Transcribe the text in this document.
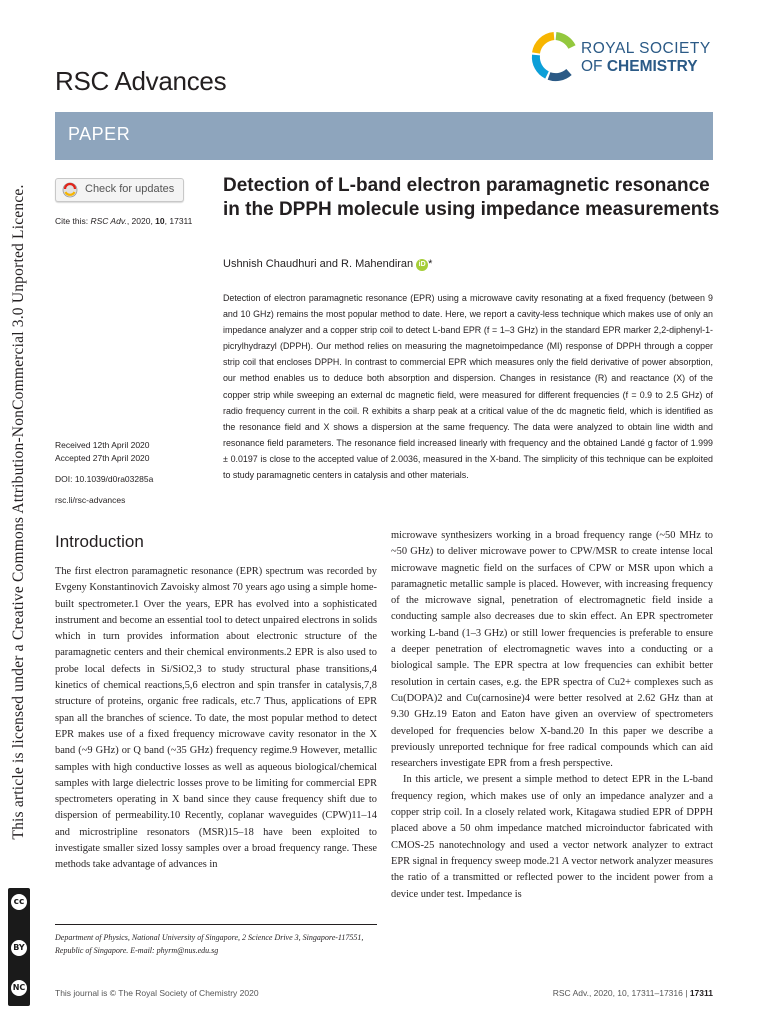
This article is licensed under a Creative Commons Attribution-NonCommercial 3.0 Unported Licence.
cc
BY
NC
RSC Advances
ROYAL SOCIETY
OF CHEMISTRY
PAPER
Check for updates
Cite this: RSC Adv., 2020, 10, 17311
Received 12th April 2020
Accepted 27th April 2020
DOI: 10.1039/d0ra03285a
rsc.li/rsc-advances
Detection of L-band electron paramagnetic resonance in the DPPH molecule using impedance measurements
Ushnish Chaudhuri and R. Mahendiran iD *
Detection of electron paramagnetic resonance (EPR) using a microwave cavity resonating at a fixed frequency (between 9 and 10 GHz) remains the most popular method to date. Here, we report a cavity-less technique which makes use of only an impedance analyzer and a copper strip coil to detect L-band EPR (f = 1–3 GHz) in the standard EPR marker 2,2-diphenyl-1-picrylhydrazyl (DPPH). Our method relies on measuring the magnetoimpedance (MI) response of DPPH through a copper strip coil that encloses DPPH. In contrast to commercial EPR which measures only the field derivative of power absorption, our method enables us to deduce both absorption and dispersion. Changes in resistance (R) and reactance (X) of the copper strip while sweeping an external dc magnetic field, were measured for different frequencies (f = 0.9 to 2.5 GHz) of radio frequency current in the coil. R exhibits a sharp peak at a critical value of the dc magnetic field, which is identified as the resonance field and X shows a dispersion at the same frequency. The data were analyzed to obtain line width and resonance field parameters. The resonance field increased linearly with frequency and the obtained Landé g factor of 1.999 ± 0.0197 is close to the accepted value of 2.0036, measured in the X-band. The simplicity of this technique can be exploited to study paramagnetic centers in catalysis and other materials.
Introduction
The first electron paramagnetic resonance (EPR) spectrum was recorded by Evgeny Konstantinovich Zavoisky almost 70 years ago using a simple home-built spectrometer.1 Over the years, EPR has evolved into a sophisticated instrument and become an essential tool to detect unpaired electrons in solids which in turn provides information about electronic structure of the paramagnetic centers and their chemical environments.2 EPR is also used to probe local defects in Si/SiO2,3 to study structural phase transitions,4 kinetics of chemical reactions,5,6 electron and spin transfer in catalysis,7,8 structure of proteins, organic free radicals, etc.7 Thus, applications of EPR span all the branches of science. To date, the most popular method to detect EPR makes use of a fixed frequency microwave cavity resonator in the X band (~9 GHz) or Q band (~35 GHz) frequency regime.9 However, metallic samples with high conductive losses as well as aqueous biological/chemical samples with large dielectric losses prove to be limiting for commercial EPR spectrometers operating in X band since they cause frequency shift due to dispersion of permeability.10 Recently, coplanar waveguides (CPW)11–14 and microstripline resonators (MSR)15–18 have been exploited to investigate smaller sized lossy samples over a broad frequency range. These methods take advantage of advances in

microwave synthesizers working in a broad frequency range (~50 MHz to ~50 GHz) to deliver microwave power to CPW/MSR to create intense local microwave magnetic field on the surfaces of CPW or MSR upon which a paramagnetic metallic sample is placed. However, with increasing frequency of the microwave signal, penetration of electromagnetic field inside a conducting sample also decreases due to skin effect. An EPR spectrometer working L-band (1–3 GHz) or still lower frequencies is preferable to ensure a deeper penetration of electromagnetic waves into a conducting or a biological sample. The EPR spectra at low frequencies can exhibit better resolution in certain cases, e.g. the EPR spectra of Cu2+ complexes such as Cu(DOPA)2 and Cu(carnosine)4 were better resolved at 2.62 GHz than at 9.30 GHz.19 Eaton and Eaton have given an overview of spectrometers developed for frequencies below X-band.20 In this paper we describe a previously unreported technique for free radical compounds which can aid researchers investigate EPR from a fresh perspective.

In this article, we present a simple method to detect EPR in the L-band frequency region, which makes use of only an impedance analyzer and a copper strip coil. In a closely related work, Kitagawa studied EPR of DPPH placed above a 50 ohm impedance matched microinductor fabricated with CMOS-25 nanotechnology and used a vector network analyzer to extract EPR signal in frequency sweep mode.21 A vector network analyzer measures the ratio of a transmitted or reflected power to the incident power from a device under test. Impedance is

Department of Physics, National University of Singapore, 2 Science Drive 3, Singapore-117551, Republic of Singapore. E-mail: phyrm@nus.edu.sg
This journal is © The Royal Society of Chemistry 2020	RSC Adv., 2020, 10, 17311–17316 | 17311
